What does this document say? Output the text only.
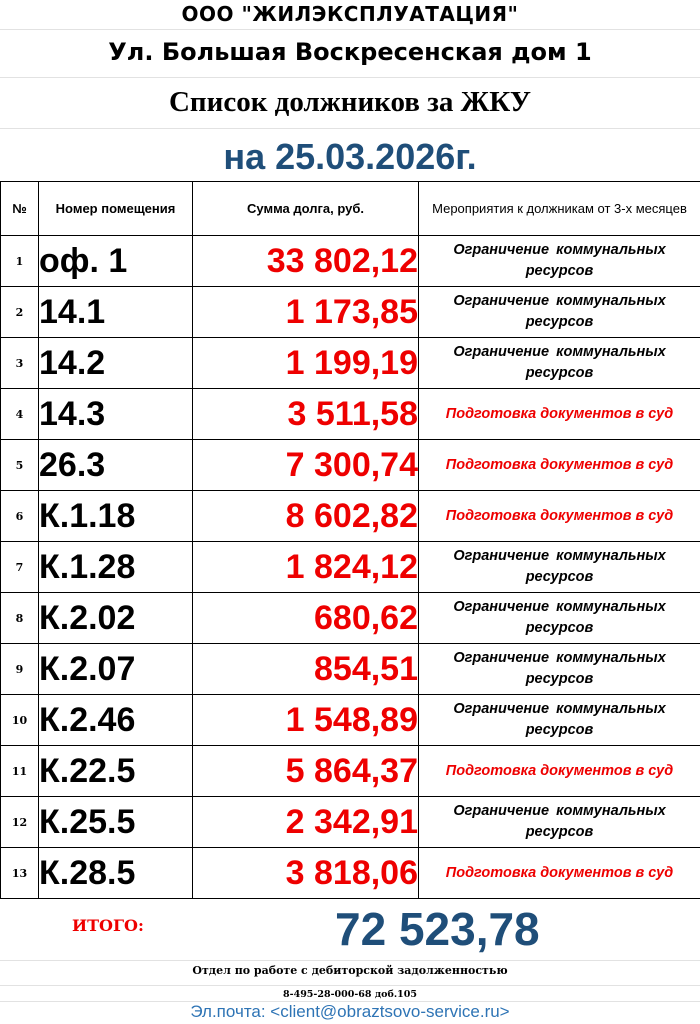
ООО "ЖИЛЭКСПЛУАТАЦИЯ"
Ул. Большая Воскресенская дом 1
Список должников за ЖКУ
на 25.03.2026г.
№	Номер помещения	Сумма долга, руб.	Мероприятия к должникам от 3-х месяцев
1	оф. 1	33 802,12	Ограничение коммунальных ресурсов
2	14.1	1 173,85	Ограничение коммунальных ресурсов
3	14.2	1 199,19	Ограничение коммунальных ресурсов
4	14.3	3 511,58	Подготовка документов в суд
5	26.3	7 300,74	Подготовка документов в суд
6	К.1.18	8 602,82	Подготовка документов в суд
7	К.1.28	1 824,12	Ограничение коммунальных ресурсов
8	К.2.02	680,62	Ограничение коммунальных ресурсов
9	К.2.07	854,51	Ограничение коммунальных ресурсов
10	К.2.46	1 548,89	Ограничение коммунальных ресурсов
11	К.22.5	5 864,37	Подготовка документов в суд
12	К.25.5	2 342,91	Ограничение коммунальных ресурсов
13	К.28.5	3 818,06	Подготовка документов в суд
ИТОГО:	72 523,78
Отдел по работе с дебиторской задолженностью
8-495-28-000-68 доб.105
Эл.почта: <client@obraztsovo-service.ru>
